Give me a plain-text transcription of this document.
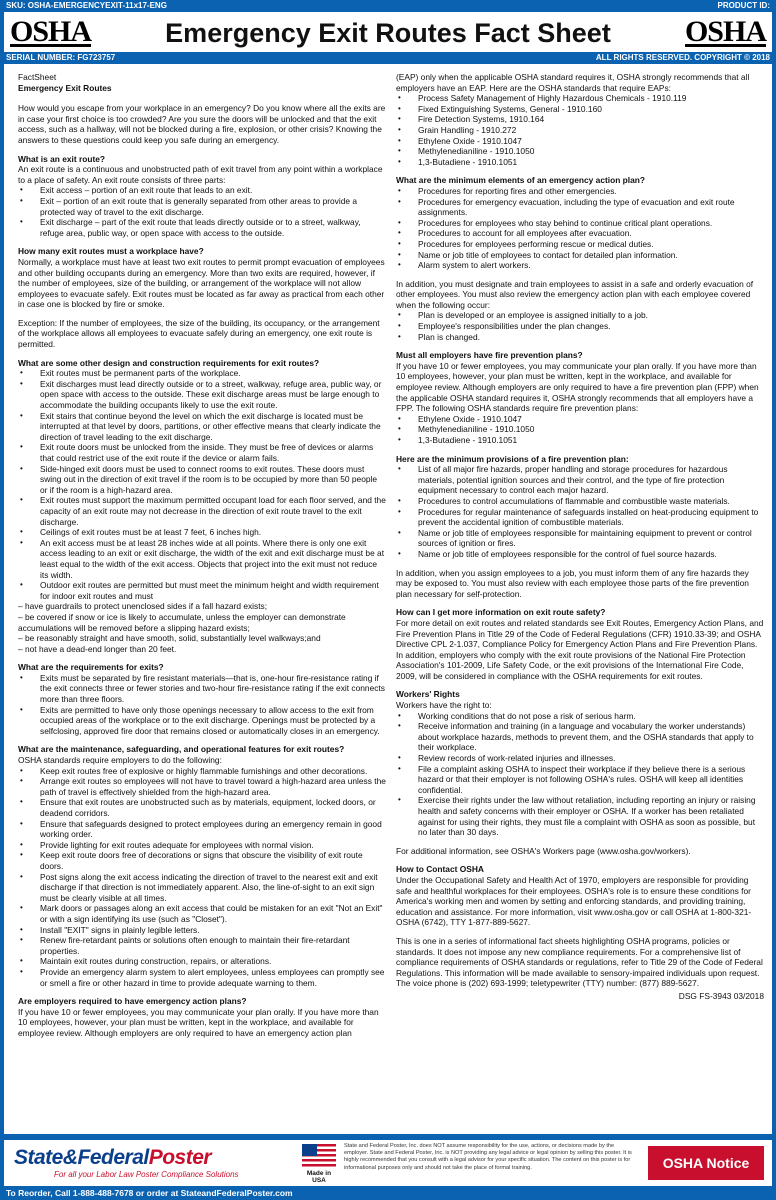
SKU: OSHA-EMERGENCYEXIT-11x17-ENG	PRODUCT ID:
OSHA	Emergency Exit Routes Fact Sheet	OSHA
SERIAL NUMBER: FG723757	ALL RIGHTS RESERVED. COPYRIGHT © 2018
FactSheet
Emergency Exit Routes

How would you escape from your workplace in an emergency? Do you know where all the exits are in case your first choice is too crowded? Are you sure the doors will be unlocked and that the exit access, such as a hallway, will not be blocked during a fire, explosion, or other crisis? Knowing the answers to these questions could keep you safe during an emergency.

What is an exit route?

An exit route is a continuous and unobstructed path of exit travel from any point within a workplace to a place of safety. An exit route consists of three parts:

• Exit access – portion of an exit route that leads to an exit.
• Exit – portion of an exit route that is generally separated from other areas to provide a protected way of travel to the exit discharge.
• Exit discharge – part of the exit route that leads directly outside or to a street, walkway, refuge area, public way, or open space with access to the outside.
How many exit routes must a workplace have?

Normally, a workplace must have at least two exit routes to permit prompt evacuation of employees and other building occupants during an emergency. More than two exits are required, however, if the number of employees, size of the building, or arrangement of the workplace will not allow employees to evacuate safely. Exit routes must be located as far away as practical from each other in case one is blocked by fire or smoke.

Exception: If the number of employees, the size of the building, its occupancy, or the arrangement of the workplace allows all employees to evacuate safely during an emergency, one exit route is permitted.

What are some other design and construction requirements for exit routes?
• Exit routes must be permanent parts of the workplace.
• Exit discharges must lead directly outside or to a street, walkway, refuge area, public way, or open space with access to the outside. These exit discharge areas must be large enough to accommodate the building occupants likely to use the exit route.
• Exit stairs that continue beyond the level on which the exit discharge is located must be interrupted at that level by doors, partitions, or other effective means that clearly indicate the direction of travel leading to the exit discharge.
• Exit route doors must be unlocked from the inside. They must be free of devices or alarms that could restrict use of the exit route if the device or alarm fails.
• Side-hinged exit doors must be used to connect rooms to exit routes. These doors must swing out in the direction of exit travel if the room is to be occupied by more than 50 people or if the room is a high-hazard area.
• Exit routes must support the maximum permitted occupant load for each floor served, and the capacity of an exit route may not decrease in the direction of exit route travel to the exit discharge.
• Ceilings of exit routes must be at least 7 feet, 6 inches high.
• An exit access must be at least 28 inches wide at all points. Where there is only one exit access leading to an exit or exit discharge, the width of the exit and exit discharge must be at least equal to the width of the exit access. Objects that project into the exit must not reduce its width.
• Outdoor exit routes are permitted but must meet the minimum height and width requirement for indoor exit routes and must
– have guardrails to protect unenclosed sides if a fall hazard exists;
– be covered if snow or ice is likely to accumulate, unless the employer can demonstrate accumulations will be removed before a slipping hazard exists;
– be reasonably straight and have smooth, solid, substantially level walkways;and
– not have a dead-end longer than 20 feet.
What are the requirements for exits?
• Exits must be separated by fire resistant materials—that is, one-hour fire-resistance rating if the exit connects three or fewer stories and two-hour fire-resistance rating if the exit connects more than three floors.
• Exits are permitted to have only those openings necessary to allow access to the exit from occupied areas of the workplace or to the exit discharge. Openings must be protected by a selfclosing, approved fire door that remains closed or automatically closes in an emergency.
What are the maintenance, safeguarding, and operational features for exit routes?

OSHA standards require employers to do the following:

• Keep exit routes free of explosive or highly flammable furnishings and other decorations.
• Arrange exit routes so employees will not have to travel toward a high-hazard area unless the path of travel is effectively shielded from the high-hazard area.
• Ensure that exit routes are unobstructed such as by materials, equipment, locked doors, or deadend corridors.
• Ensure that safeguards designed to protect employees during an emergency remain in good working order.
• Provide lighting for exit routes adequate for employees with normal vision.
• Keep exit route doors free of decorations or signs that obscure the visibility of exit route doors.
• Post signs along the exit access indicating the direction of travel to the nearest exit and exit discharge if that direction is not immediately apparent. Also, the line-of-sight to an exit sign must be clearly visible at all times.
• Mark doors or passages along an exit access that could be mistaken for an exit "Not an Exit" or with a sign identifying its use (such as "Closet").
• Install "EXIT" signs in plainly legible letters.
• Renew fire-retardant paints or solutions often enough to maintain their fire-retardant properties.
• Maintain exit routes during construction, repairs, or alterations.
• Provide an emergency alarm system to alert employees, unless employees can promptly see or smell a fire or other hazard in time to provide adequate warning to them.
Are employers required to have emergency action plans?

If you have 10 or fewer employees, you may communicate your plan orally. If you have more than 10 employees, however, your plan must be written, kept in the workplace, and available for employee review. Although employers are only required to have an emergency action plan

(EAP) only when the applicable OSHA standard requires it, OSHA strongly recommends that all employers have an EAP. Here are the OSHA standards that require EAPs:

• Process Safety Management of Highly Hazardous Chemicals - 1910.119
• Fixed Extinguishing Systems, General - 1910.160
• Fire Detection Systems, 1910.164
• Grain Handling - 1910.272
• Ethylene Oxide - 1910.1047
• Methylenedianiline - 1910.1050
• 1,3-Butadiene - 1910.1051
What are the minimum elements of an emergency action plan?
• Procedures for reporting fires and other emergencies.
• Procedures for emergency evacuation, including the type of evacuation and exit route assignments.
• Procedures for employees who stay behind to continue critical plant operations.
• Procedures to account for all employees after evacuation.
• Procedures for employees performing rescue or medical duties.
• Name or job title of employees to contact for detailed plan information.
• Alarm system to alert workers.

In addition, you must designate and train employees to assist in a safe and orderly evacuation of other employees. You must also review the emergency action plan with each employee covered when the following occur:

• Plan is developed or an employee is assigned initially to a job.
• Employee's responsibilities under the plan changes.
• Plan is changed.
Must all employers have fire prevention plans?

If you have 10 or fewer employees, you may communicate your plan orally. If you have more than 10 employees, however, your plan must be written, kept in the workplace, and available for employee review. Although employers are only required to have a fire prevention plan (FPP) when the applicable OSHA standard requires it, OSHA strongly recommends that all employers have a FPP. The following OSHA standards require fire prevention plans:

• Ethylene Oxide - 1910.1047
• Methylenedianiline - 1910.1050
• 1,3-Butadiene - 1910.1051
Here are the minimum provisions of a fire prevention plan:
• List of all major fire hazards, proper handling and storage procedures for hazardous materials, potential ignition sources and their control, and the type of fire protection equipment necessary to control each major hazard.
• Procedures to control accumulations of flammable and combustible waste materials.
• Procedures for regular maintenance of safeguards installed on heat-producing equipment to prevent the accidental ignition of combustible materials.
• Name or job title of employees responsible for maintaining equipment to prevent or control sources of ignition or fires.
• Name or job title of employees responsible for the control of fuel source hazards.

In addition, when you assign employees to a job, you must inform them of any fire hazards they may be exposed to. You must also review with each employee those parts of the fire prevention plan necessary for self-protection.

How can I get more information on exit route safety?

For more detail on exit routes and related standards see Exit Routes, Emergency Action Plans, and Fire Prevention Plans in Title 29 of the Code of Federal Regulations (CFR) 1910.33-39; and OSHA Directive CPL 2-1.037, Compliance Policy for Emergency Action Plans and Fire Prevention Plans. In addition, employers who comply with the exit route provisions of the National Fire Protection Association's 101-2009, Life Safety Code, or the exit provisions of the International Fire Code, 2009, will be considered in compliance with the OSHA requirements for exit routes.

Workers' Rights

Workers have the right to:

• Working conditions that do not pose a risk of serious harm.
• Receive information and training (in a language and vocabulary the worker understands) about workplace hazards, methods to prevent them, and the OSHA standards that apply to their workplace.
• Review records of work-related injuries and illnesses.
• File a complaint asking OSHA to inspect their workplace if they believe there is a serious hazard or that their employer is not following OSHA's rules. OSHA will keep all identities confidential.
• Exercise their rights under the law without retaliation, including reporting an injury or raising health and safety concerns with their employer or OSHA. If a worker has been retaliated against for using their rights, they must file a complaint with OSHA as soon as possible, but no later than 30 days.

For additional information, see OSHA's Workers page (www.osha.gov/workers).

How to Contact OSHA

Under the Occupational Safety and Health Act of 1970, employers are responsible for providing safe and healthful workplaces for their employees. OSHA's role is to ensure these conditions for America's working men and women by setting and enforcing standards, and providing training, education and assistance. For more information, visit www.osha.gov or call OSHA at 1-800-321- OSHA (6742), TTY 1-877-889-5627.

This is one in a series of informational fact sheets highlighting OSHA programs, policies or standards. It does not impose any new compliance requirements. For a comprehensive list of compliance requirements of OSHA standards or regulations, refer to Title 29 of the Code of Federal Regulations. This information will be made available to sensory-impaired individuals upon request. The voice phone is (202) 693-1999; teletypewriter (TTY) number: (877) 889-5627.

DSG FS-3943 03/2018
State&FederalPoster
For all your Labor Law Poster Compliance Solutions	Made in USA
State and Federal Poster, Inc. does NOT assume responsibility for the use, actions, or decisions made by the employer. State and Federal Poster, Inc. is NOT providing any legal advice or legal opinion by selling this poster. It is highly recommended that you consult with a legal advisor for your specific situation. The content on this poster is for informational purposes only and should not take the place of formal training.	OSHA Notice
To Reorder, Call 1-888-488-7678 or order at StateandFederalPoster.com
